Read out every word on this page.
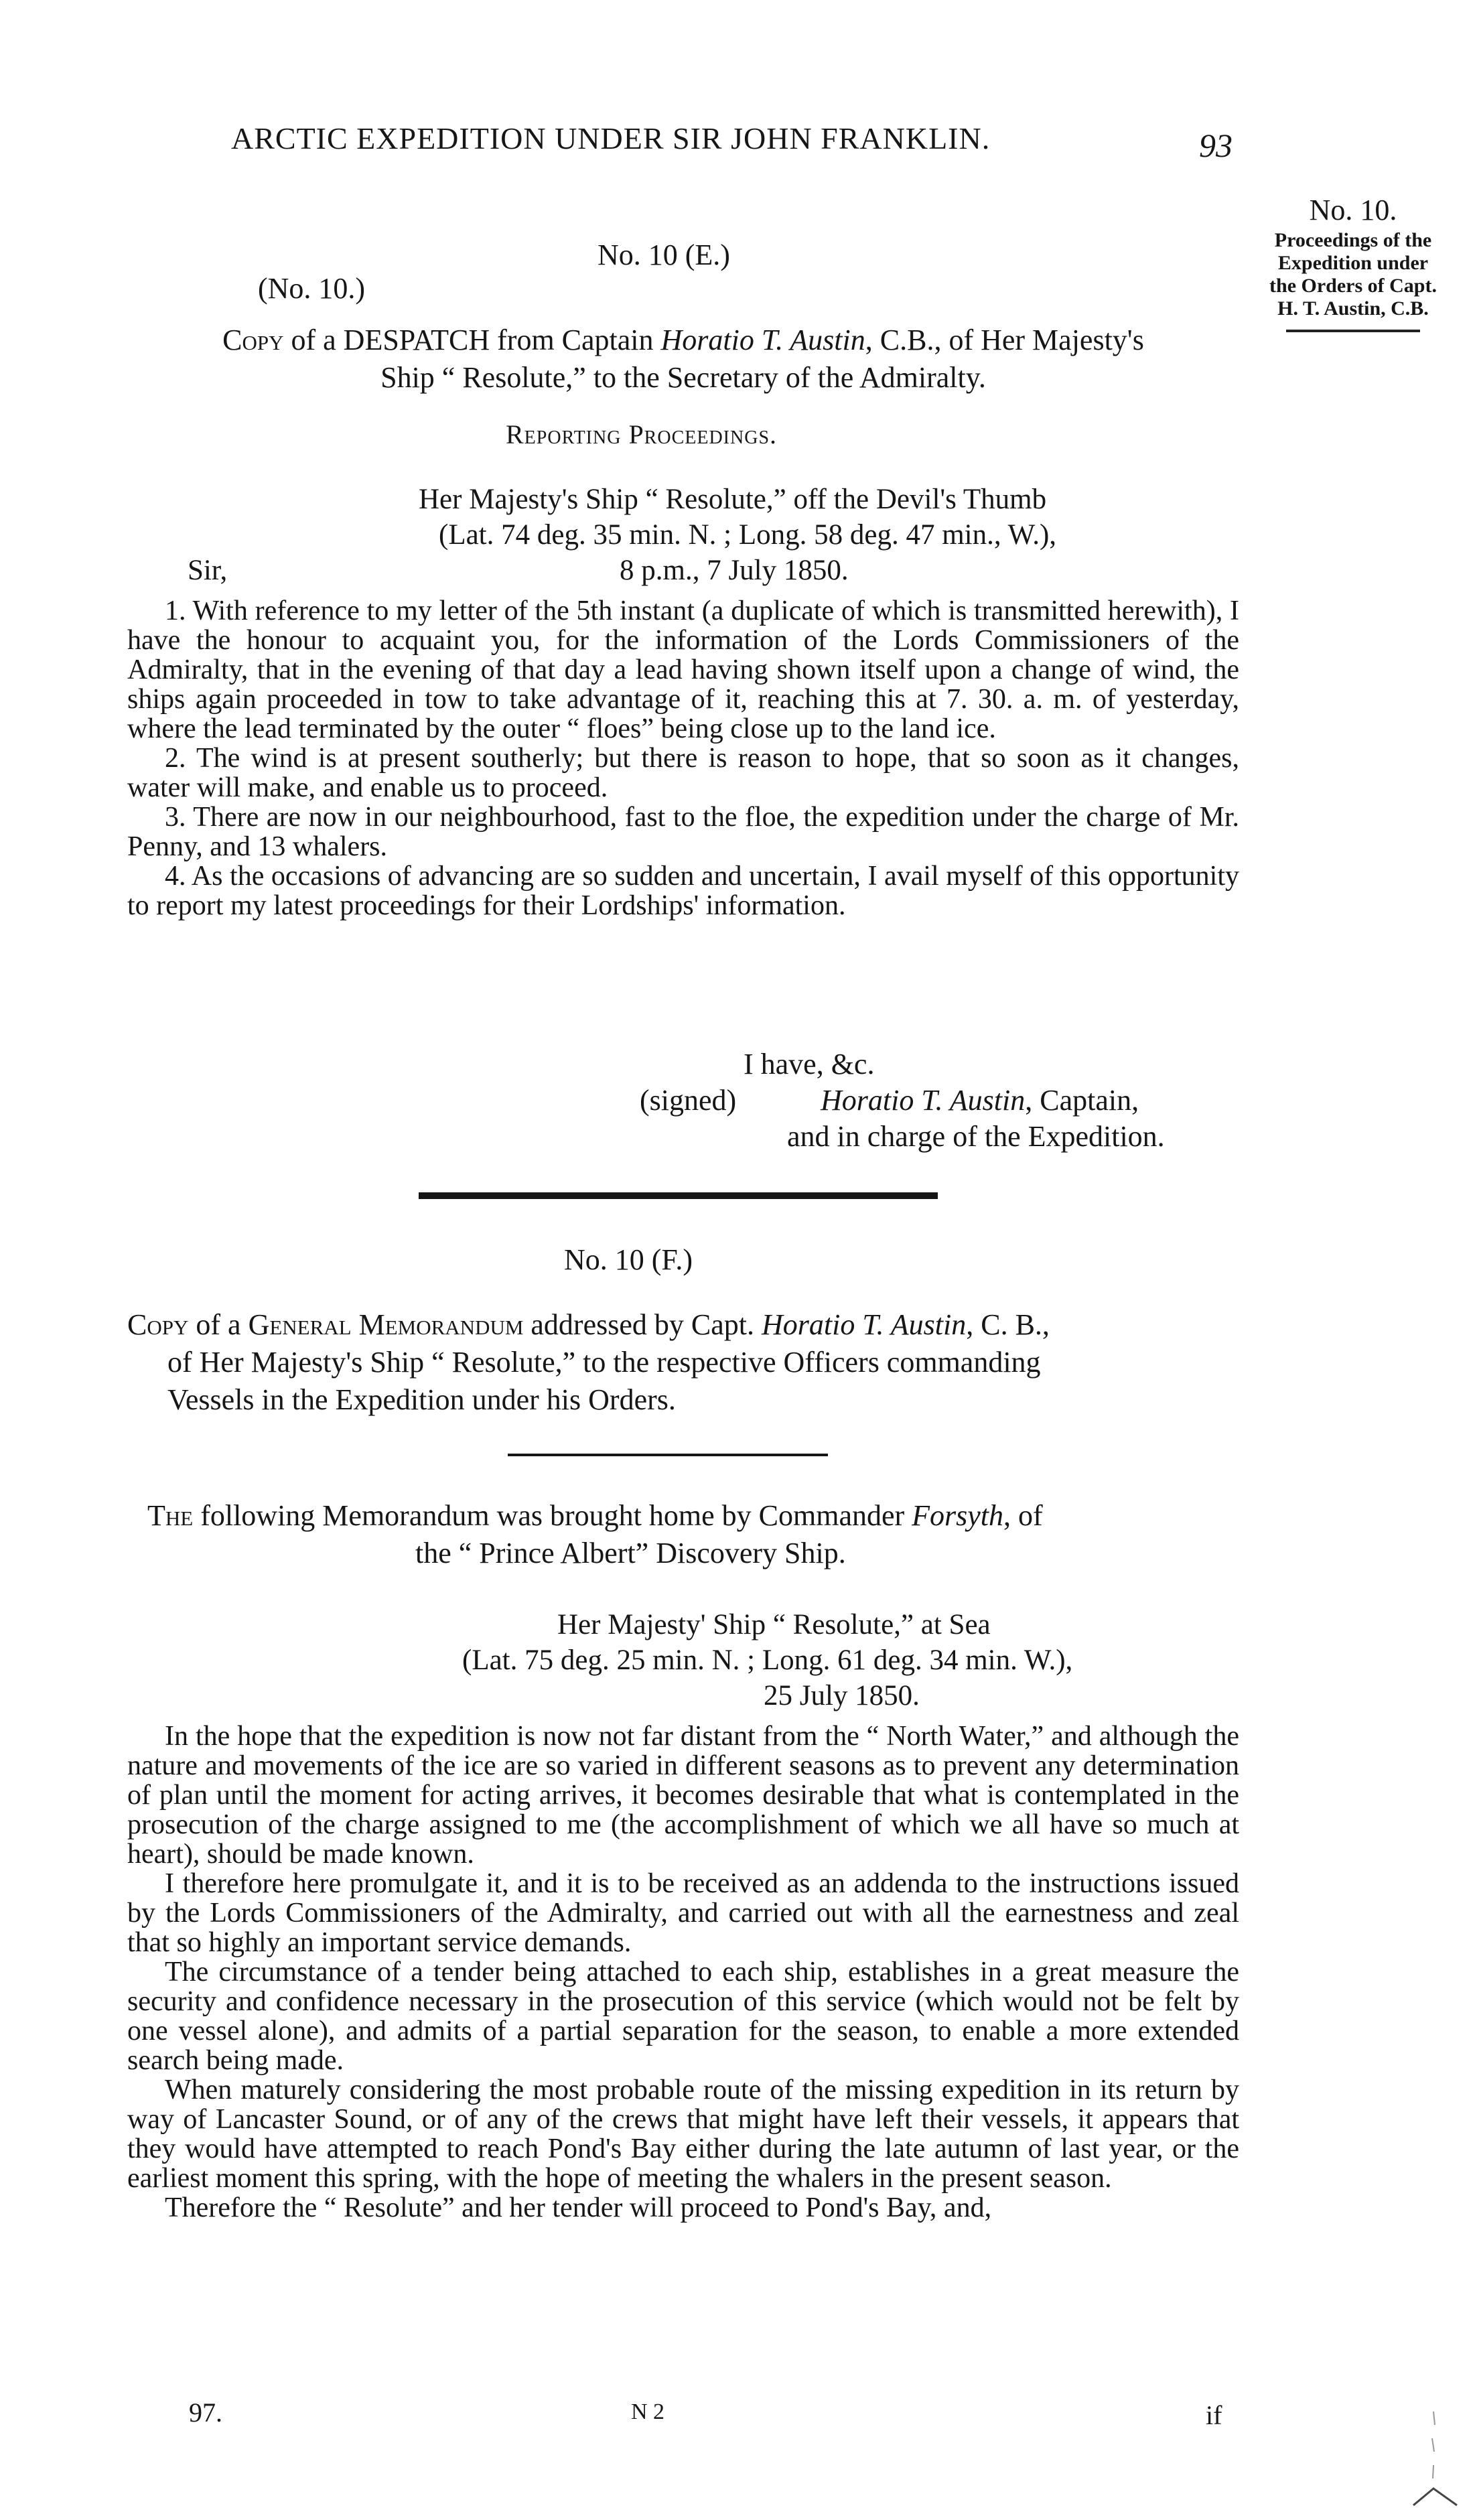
ARCTIC EXPEDITION UNDER SIR JOHN FRANKLIN.	93
No. 10.
Proceedings of the
Expedition under
the Orders of Capt.
H. T. Austin, C.B.
No. 10 (E.)
(No. 10.)
Copy of a DESPATCH from Captain Horatio T. Austin, C.B., of Her Majesty's
Ship “ Resolute,” to the Secretary of the Admiralty.
Reporting Proceedings.
Her Majesty's Ship “ Resolute,” off the Devil's Thumb
(Lat. 74 deg. 35 min. N. ; Long. 58 deg. 47 min., W.),
Sir,	8 p.m., 7 July 1850.

1. With reference to my letter of the 5th instant (a duplicate of which is transmitted herewith), I have the honour to acquaint you, for the information of the Lords Commissioners of the Admiralty, that in the evening of that day a lead having shown itself upon a change of wind, the ships again proceeded in tow to take advantage of it, reaching this at 7. 30. a. m. of yesterday, where the lead terminated by the outer “ floes” being close up to the land ice.

2. The wind is at present southerly; but there is reason to hope, that so soon as it changes, water will make, and enable us to proceed.

3. There are now in our neighbourhood, fast to the floe, the expedition under the charge of Mr. Penny, and 13 whalers.

4. As the occasions of advancing are so sudden and uncertain, I avail myself of this opportunity to report my latest proceedings for their Lordships' information.

I have, &c.
(signed)	Horatio T. Austin, Captain,
and in charge of the Expedition.
No. 10 (F.)
Copy of a General Memorandum addressed by Capt. Horatio T. Austin, C. B.,
of Her Majesty's Ship “ Resolute,” to the respective Officers commanding
Vessels in the Expedition under his Orders.
The following Memorandum was brought home by Commander Forsyth, of
the “ Prince Albert” Discovery Ship.
Her Majesty' Ship “ Resolute,” at Sea
(Lat. 75 deg. 25 min. N. ; Long. 61 deg. 34 min. W.),
25 July 1850.

In the hope that the expedition is now not far distant from the “ North Water,” and although the nature and movements of the ice are so varied in different seasons as to prevent any determination of plan until the moment for acting arrives, it becomes desirable that what is contemplated in the prosecution of the charge assigned to me (the accomplishment of which we all have so much at heart), should be made known.

I therefore here promulgate it, and it is to be received as an addenda to the instructions issued by the Lords Commissioners of the Admiralty, and carried out with all the earnestness and zeal that so highly an important service demands.

The circumstance of a tender being attached to each ship, establishes in a great measure the security and confidence necessary in the prosecution of this service (which would not be felt by one vessel alone), and admits of a partial separation for the season, to enable a more extended search being made.

When maturely considering the most probable route of the missing expedition in its return by way of Lancaster Sound, or of any of the crews that might have left their vessels, it appears that they would have attempted to reach Pond's Bay either during the late autumn of last year, or the earliest moment this spring, with the hope of meeting the whalers in the present season.

Therefore the “ Resolute” and her tender will proceed to Pond's Bay, and,

97.	N 2	if
